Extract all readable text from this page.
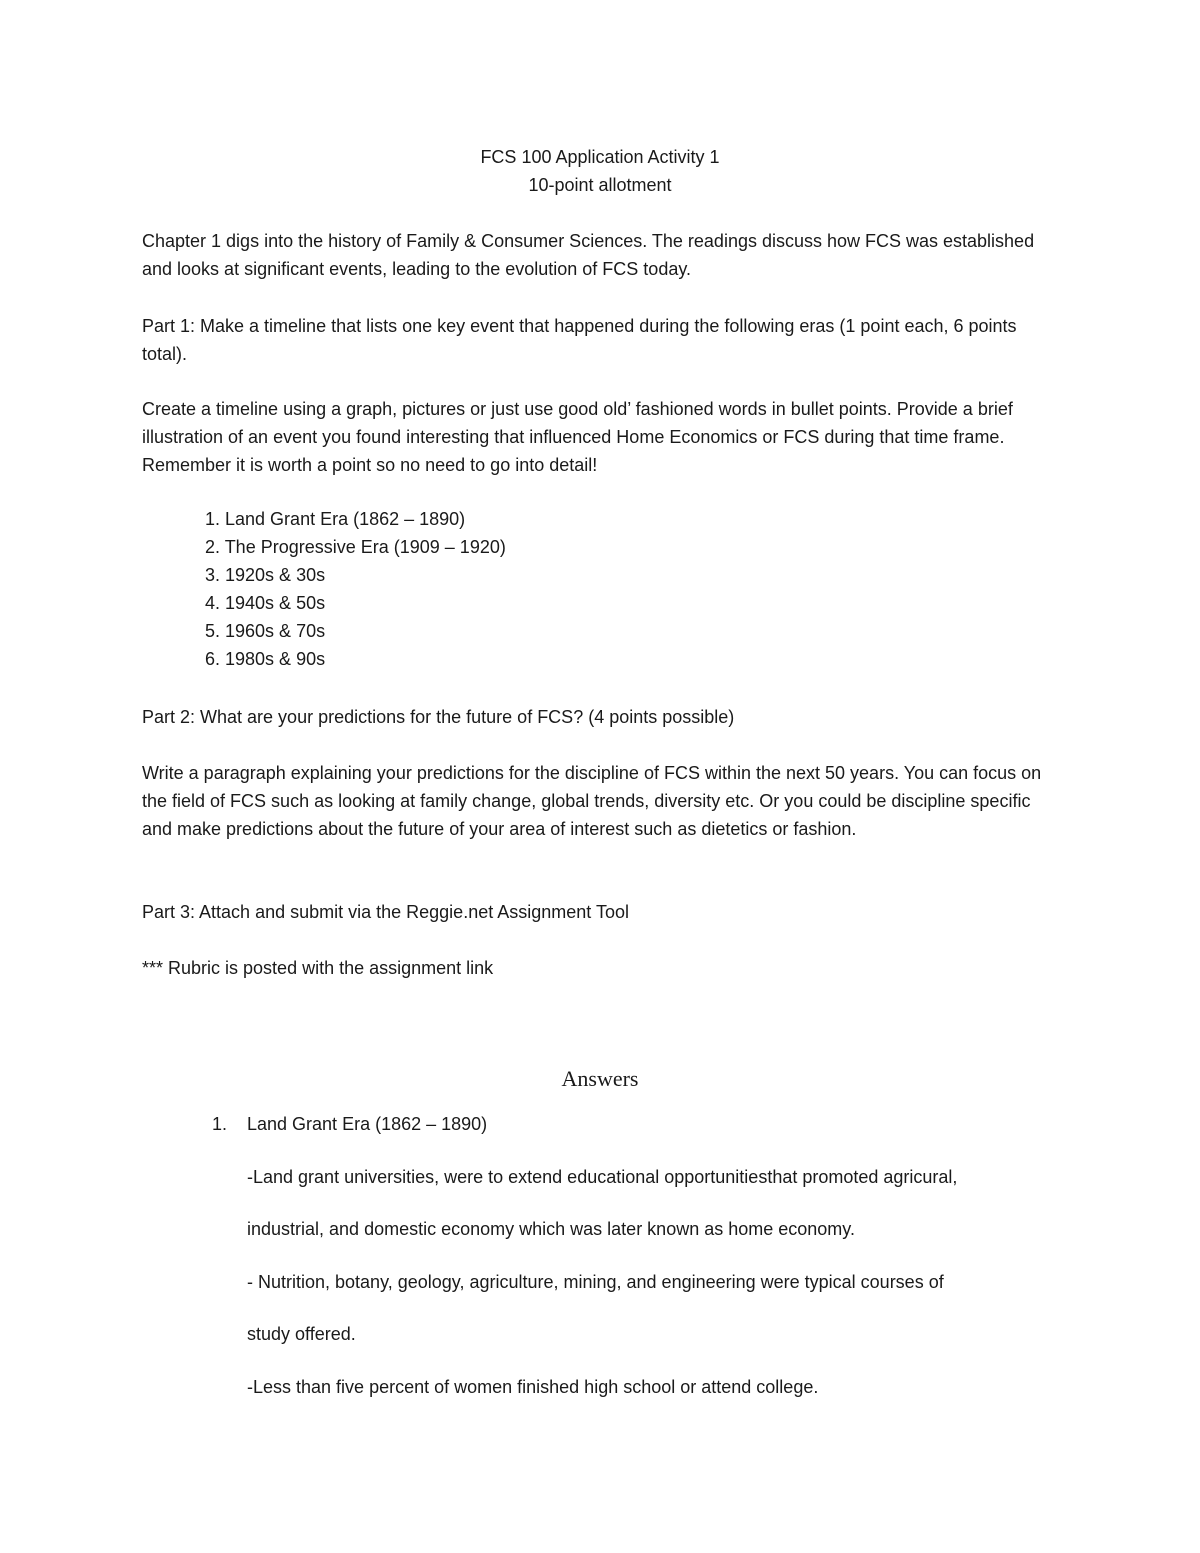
FCS 100 Application Activity 1
10-point allotment

Chapter 1 digs into the history of Family & Consumer Sciences. The readings discuss how FCS was established and looks at significant events, leading to the evolution of FCS today.

Part 1: Make a timeline that lists one key event that happened during the following eras (1 point each, 6 points total).

Create a timeline using a graph, pictures or just use good old’ fashioned words in bullet points. Provide a brief illustration of an event you found interesting that influenced Home Economics or FCS during that time frame. Remember it is worth a point so no need to go into detail!

1. Land Grant Era (1862 – 1890)
2. The Progressive Era (1909 – 1920)
3. 1920s & 30s
4. 1940s & 50s
5. 1960s & 70s
6. 1980s & 90s

Part 2: What are your predictions for the future of FCS? (4 points possible)

Write a paragraph explaining your predictions for the discipline of FCS within the next 50 years. You can focus on the field of FCS such as looking at family change, global trends, diversity etc. Or you could be discipline specific and make predictions about the future of your area of interest such as dietetics or fashion.

Part 3: Attach and submit via the Reggie.net Assignment Tool

*** Rubric is posted with the assignment link

Answers
1. Land Grant Era (1862 – 1890)
-Land grant universities, were to extend educational opportunitiesthat promoted agricural,
industrial, and domestic economy which was later known as home economy.
- Nutrition, botany, geology, agriculture, mining, and engineering were typical courses of
study offered.
-Less than five percent of women finished high school or attend college.
